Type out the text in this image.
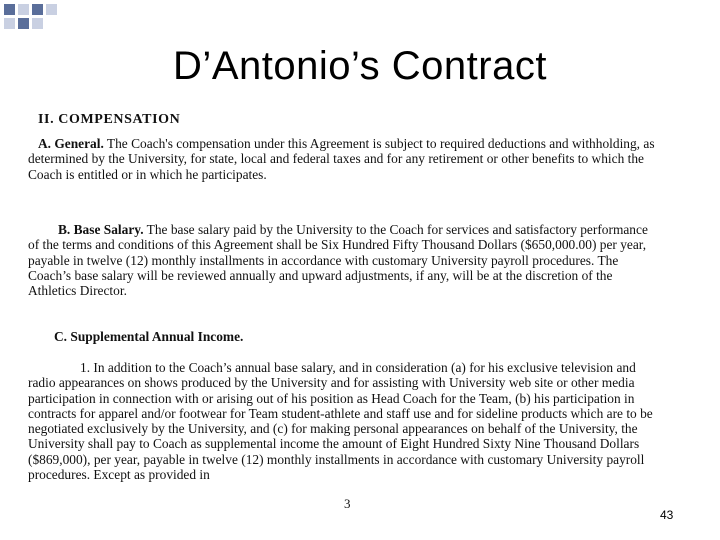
D’Antonio’s Contract
II. COMPENSATION
A. General. The Coach's compensation under this Agreement is subject to required deductions and withholding, as determined by the University, for state, local and federal taxes and for any retirement or other benefits to which the Coach is entitled or in which he participates.
B. Base Salary. The base salary paid by the University to the Coach for services and satisfactory performance of the terms and conditions of this Agreement shall be Six Hundred Fifty Thousand Dollars ($650,000.00) per year, payable in twelve (12) monthly installments in accordance with customary University payroll procedures. The Coach’s base salary will be reviewed annually and upward adjustments, if any, will be at the discretion of the Athletics Director.
C. Supplemental Annual Income.
1. In addition to the Coach’s annual base salary, and in consideration (a) for his exclusive television and radio appearances on shows produced by the University and for assisting with University web site or other media participation in connection with or arising out of his position as Head Coach for the Team, (b) his participation in contracts for apparel and/or footwear for Team student-athlete and staff use and for sideline products which are to be negotiated exclusively by the University, and (c) for making personal appearances on behalf of the University, the University shall pay to Coach as supplemental income the amount of Eight Hundred Sixty Nine Thousand Dollars ($869,000), per year, payable in twelve (12) monthly installments in accordance with customary University payroll procedures. Except as provided in
3
43
